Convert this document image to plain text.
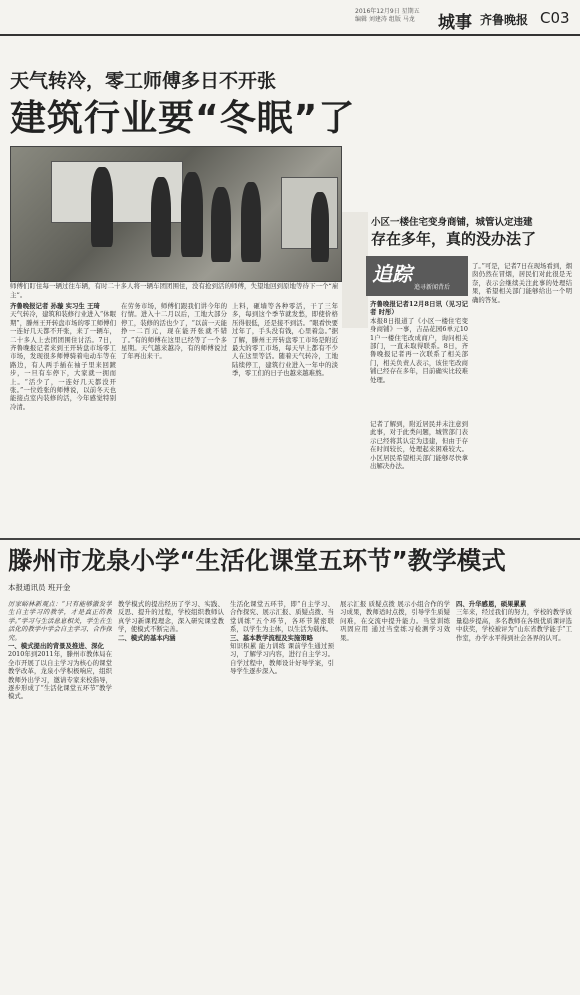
2016年12月9日 星期五
编辑 刘建涛 组版 马龙	城事 齐鲁晚报 C03
天气转冷，零工师傅多日不开张
建筑行业要“冬眠”了
师傅们盯住每一辆过往车辆，有时二十多人将一辆车团团围住，没有抢到活的师傅，失望地回到原地等待下一个“雇主”。
齐鲁晚报记者 孙璇 实习生 王琦
天气转冷，建筑和装修行业进入“休眠期”，滕州王开转盘市场的零工师傅们一连好几天都不开张，来了一辆车，二十多人上去团团围住讨活。7日，齐鲁晚报记者来到王开转盘市场零工市场，发现很多师傅骑着电动车等在路边，有人两手插在袖子里来回踱步，一旦有车停下，大家就一拥而上。“活少了，一连好几天都没开张。”一位姓张的师傅说，以前冬天也能接点室内装修的活，今年感觉特别冷清。
在劳务市场，师傅们跟我们讲今年的行情。进入十二月以后，工地大部分停工，装修的活也少了，“以前一天能挣一二百元，现在能开张就不错了。”有的师傅在这里已经等了一个多星期。天气越来越冷，有的师傅说过了年再出来干。
上料，砸墙等各种零活，干了三年多，每到这个季节就发愁，即使价格压得很低，还是接不到活。“眼看快要过年了，手头没有钱，心里着急。”据了解，滕州王开转盘零工市场是附近最大的零工市场，每天早上都有不少人在这里等活。随着天气转冷，工地陆续停工，建筑行业进入一年中的淡季，零工们的日子也越来越难熬。
小区一楼住宅变身商铺，城管认定违建
存在多年，真的没办法了
追踪
追寻新闻背后
齐鲁晚报记者12月8日讯（见习记者 时彤）
本报8日报道了《小区一楼住宅变身商铺》一事，吉品花园6单元101户一楼住宅改成商户，询问相关部门，一直未取得联系。8日，齐鲁晚报记者再一次联系了相关部门，相关负责人表示，该住宅改商铺已经存在多年，目前确实比较难处理。
了。”可是，记者7日在现场看到，烟囱仍然在冒烟，居民们对此很是无奈，表示会继续关注此事的处理结果，希望相关部门能够给出一个明确的答复。
记者了解到，附近居民并未注意到此事，对于此类问题，城管部门表示已经将其认定为违建，但由于存在时间较长，处理起来困难较大。小区居民希望相关部门能够尽快拿出解决办法。
滕州市龙泉小学“生活化课堂五环节”教学模式
本报通讯员 班开金
厉家峪林新观点：“只有能够激发学生自主学习的教学，才是真正的教学。”学习与生活息息相关，学生在生活化的教学中学会自主学习、合作探究。
一、模式提出的背景及推进、深化
2010年到2011年，滕州市教体局在全市开展了以自主学习为核心的课堂教学改革，龙泉小学积极响应，组织教师外出学习，邀请专家来校指导，逐步形成了“生活化课堂五环节”教学模式。
教学模式的提出经历了学习、实践、反思、提升的过程，学校组织教师认真学习新课程理念，深入研究课堂教学，使模式不断完善。
二、模式的基本内涵
生活化课堂五环节，即“自主学习、合作探究、展示汇报、质疑点拨、当堂训练”五个环节，各环节紧密联系，以学生为主体，以生活为载体。
三、基本教学流程及实施策略
知识积累 能力训练 课前学生通过预习，了解学习内容，进行自主学习。自学过程中，教师设计好导学案，引导学生逐步深入。
展示汇报 质疑点拨 展示小组合作的学习成果，教师适时点拨，引导学生质疑问难，在交流中提升能力。当堂训练 巩固应用 通过当堂练习检测学习效果。
四、升华感恩，硕果累累
三年来，经过我们的努力，学校的教学质量稳步提高，多名教师在各级优质课评选中获奖，学校被评为“山东省教学能手”工作室，办学水平得到社会各界的认可。
